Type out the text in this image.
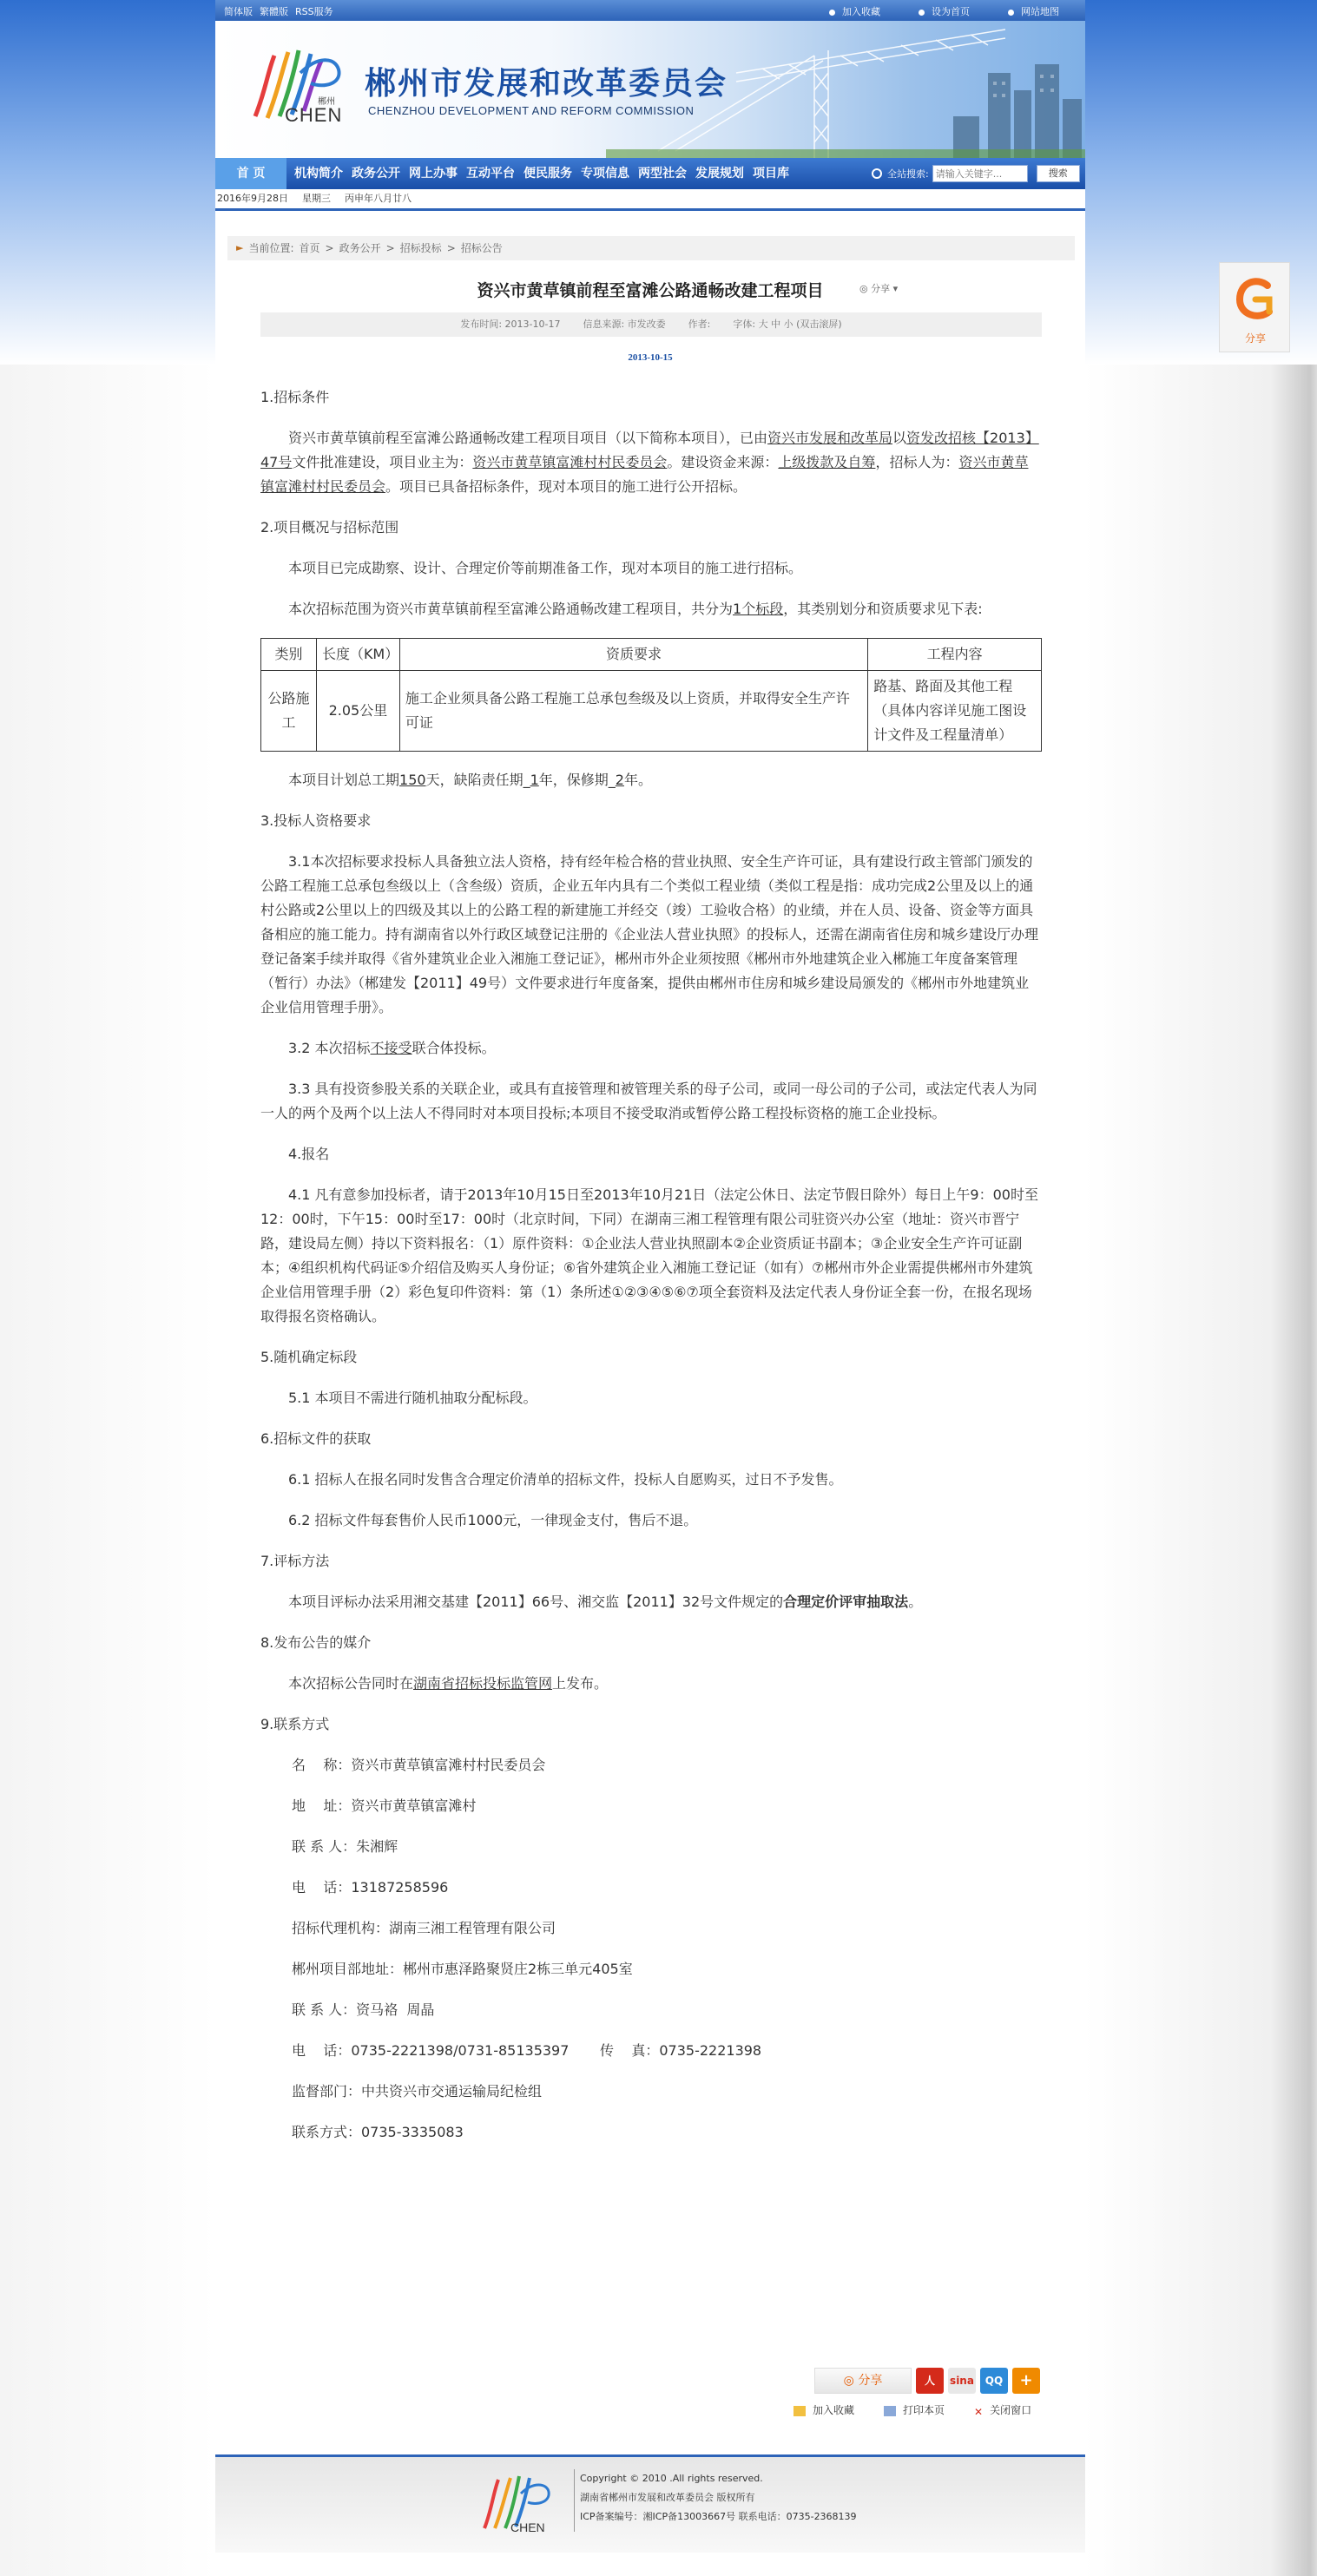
简体版 繁體版 RSS服务	加入收藏	设为首页	网站地图
CHEN
郴州
郴州市发展和改革委员会
CHENZHOU DEVELOPMENT AND REFORM COMMISSION
首 页	机构简介 政务公开 网上办事 互动平台 便民服务 专项信息 两型社会 发展规划 项目库	全站搜索:
请输入关键字...	搜索
2016年9月28日 星期三 丙申年八月廿八
► 当前位置: 首页 > 政务公开 > 招标投标 > 招标公告
资兴市黄草镇前程至富滩公路通畅改建工程项目	◎ 分享 ▾
发布时间: 2013-10-17 信息来源: 市发改委 作者: 字体: 大 中 小 (双击滚屏)
2013-10-15

1.招标条件

资兴市黄草镇前程至富滩公路通畅改建工程项目项目（以下简称本项目），已由资兴市发展和改革局以资发改招核【2013】47号文件批准建设，项目业主为：资兴市黄草镇富滩村村民委员会。建设资金来源：上级拨款及自筹，招标人为：资兴市黄草镇富滩村村民委员会。项目已具备招标条件，现对本项目的施工进行公开招标。

2.项目概况与招标范围

本项目已完成勘察、设计、合理定价等前期准备工作，现对本项目的施工进行招标。

本次招标范围为资兴市黄草镇前程至富滩公路通畅改建工程项目，共分为1个标段，其类别划分和资质要求见下表:

类别	长度（KM）	资质要求	工程内容
公路施工	2.05公里	施工企业须具备公路工程施工总承包叁级及以上资质，并取得安全生产许可证	路基、路面及其他工程（具体内容详见施工图设计文件及工程量清单）

本项目计划总工期150天，缺陷责任期_1年，保修期_2年。

3.投标人资格要求

3.1本次招标要求投标人具备独立法人资格，持有经年检合格的营业执照、安全生产许可证，具有建设行政主管部门颁发的公路工程施工总承包叁级以上（含叁级）资质，企业五年内具有二个类似工程业绩（类似工程是指：成功完成2公里及以上的通村公路或2公里以上的四级及其以上的公路工程的新建施工并经交（竣）工验收合格）的业绩，并在人员、设备、资金等方面具备相应的施工能力。持有湖南省以外行政区域登记注册的《企业法人营业执照》的投标人，还需在湖南省住房和城乡建设厅办理登记备案手续并取得《省外建筑业企业入湘施工登记证》，郴州市外企业须按照《郴州市外地建筑企业入郴施工年度备案管理（暂行）办法》（郴建发【2011】49号）文件要求进行年度备案，提供由郴州市住房和城乡建设局颁发的《郴州市外地建筑业企业信用管理手册》。

3.2 本次招标不接受联合体投标。

3.3 具有投资参股关系的关联企业，或具有直接管理和被管理关系的母子公司，或同一母公司的子公司，或法定代表人为同一人的两个及两个以上法人不得同时对本项目投标;本项目不接受取消或暂停公路工程投标资格的施工企业投标。

4.报名

4.1 凡有意参加投标者，请于2013年10月15日至2013年10月21日（法定公休日、法定节假日除外）每日上午9：00时至12：00时，下午15：00时至17：00时（北京时间，下同）在湖南三湘工程管理有限公司驻资兴办公室（地址：资兴市晋宁路，建设局左侧）持以下资料报名：（1）原件资料：①企业法人营业执照副本②企业资质证书副本；③企业安全生产许可证副本；④组织机构代码证⑤介绍信及购买人身份证；⑥省外建筑企业入湘施工登记证（如有）⑦郴州市外企业需提供郴州市外建筑企业信用管理手册（2）彩色复印件资料：第（1）条所述①②③④⑤⑥⑦项全套资料及法定代表人身份证全套一份，在报名现场取得报名资格确认。

5.随机确定标段

5.1 本项目不需进行随机抽取分配标段。

6.招标文件的获取

6.1 招标人在报名同时发售含合理定价清单的招标文件，投标人自愿购买，过日不予发售。

6.2 招标文件每套售价人民币1000元，一律现金支付，售后不退。

7.评标方法

本项目评标办法采用湘交基建【2011】66号、湘交监【2011】32号文件规定的合理定价评审抽取法。

8.发布公告的媒介

本次招标公告同时在湖南省招标投标监管网上发布。

9.联系方式

名    称：资兴市黄草镇富滩村村民委员会

地    址：资兴市黄草镇富滩村

联 系 人：朱湘辉

电    话：13187258596

招标代理机构：湖南三湘工程管理有限公司

郴州项目部地址：郴州市惠泽路聚贤庄2栋三单元405室

联 系 人：资马袼  周晶

电    话：0735-2221398/0731-85135397       传    真：0735-2221398

监督部门：中共资兴市交通运输局纪检组

联系方式：0735-3335083

◎ 分享	人	sina	QQ	+
加入收藏	打印本页	✕ 关闭窗口
CHEN
Copyright © 2010 .All rights reserved.
湖南省郴州市发展和改革委员会 版权所有
ICP备案编号：湘ICP备13003667号 联系电话：0735-2368139
分享
